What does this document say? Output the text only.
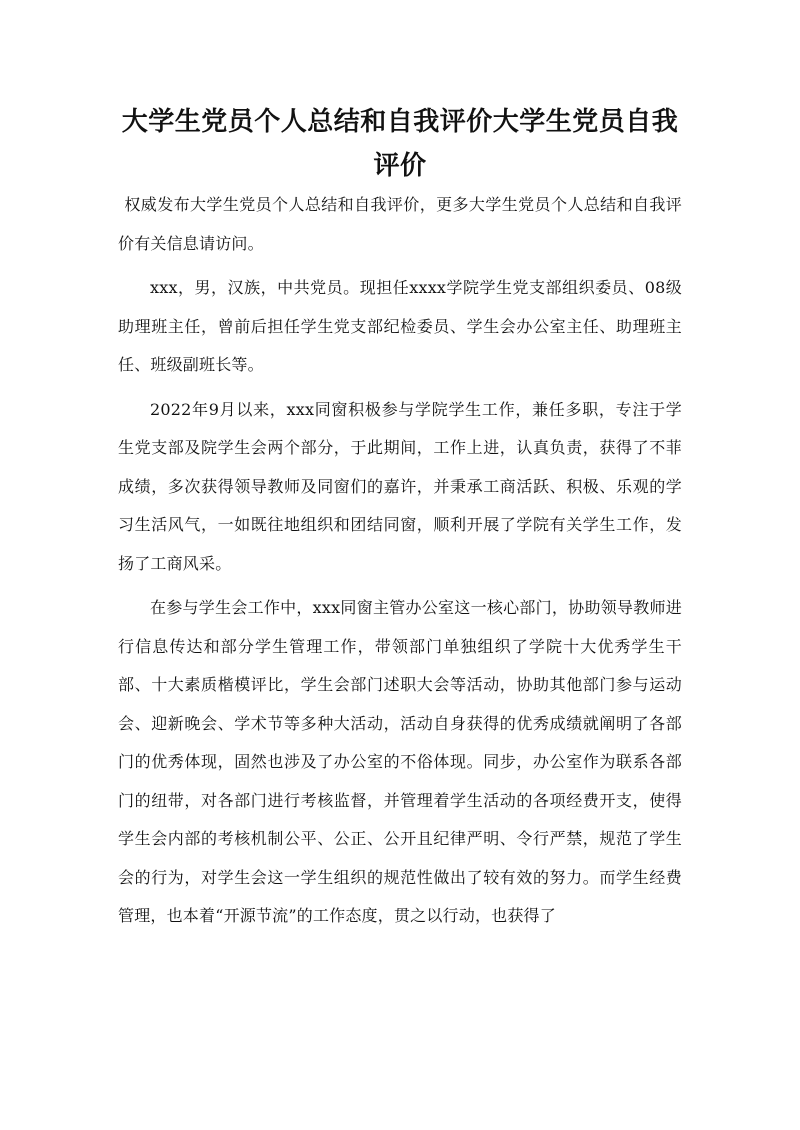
大学生党员个人总结和自我评价大学生党员自我评价

权威发布大学生党员个人总结和自我评价，更多大学生党员个人总结和自我评价有关信息请访问。

xxx，男，汉族，中共党员。现担任xxxx学院学生党支部组织委员、08级助理班主任，曾前后担任学生党支部纪检委员、学生会办公室主任、助理班主任、班级副班长等。

2022年9月以来，xxx同窗积极参与学院学生工作，兼任多职，专注于学生党支部及院学生会两个部分，于此期间，工作上进，认真负责，获得了不菲成绩，多次获得领导教师及同窗们的嘉许，并秉承工商活跃、积极、乐观的学习生活风气，一如既往地组织和团结同窗，顺利开展了学院有关学生工作，发扬了工商风采。

在参与学生会工作中，xxx同窗主管办公室这一核心部门，协助领导教师进行信息传达和部分学生管理工作，带领部门单独组织了学院十大优秀学生干部、十大素质楷模评比，学生会部门述职大会等活动，协助其他部门参与运动会、迎新晚会、学术节等多种大活动，活动自身获得的优秀成绩就阐明了各部门的优秀体现，固然也涉及了办公室的不俗体现。同步，办公室作为联系各部门的纽带，对各部门进行考核监督，并管理着学生活动的各项经费开支，使得学生会内部的考核机制公平、公正、公开且纪律严明、令行严禁，规范了学生会的行为，对学生会这一学生组织的规范性做出了较有效的努力。而学生经费管理，也本着“开源节流”的工作态度，贯之以行动，也获得了
